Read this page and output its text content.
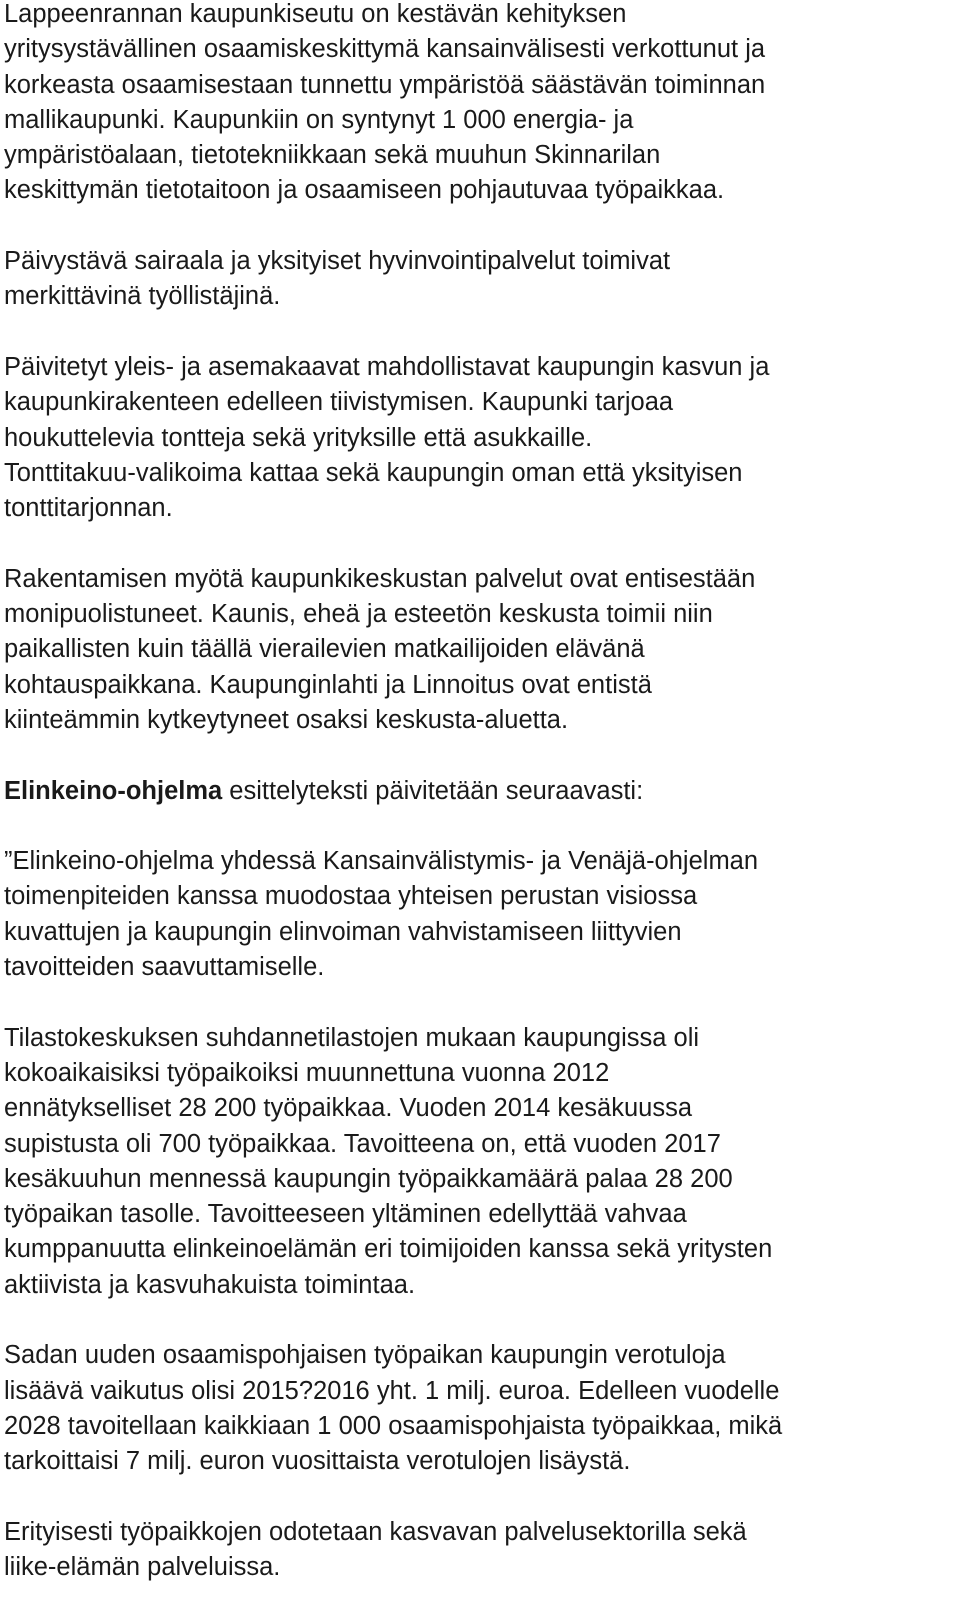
Lappeenrannan kaupunkiseutu on kestävän kehityksen
yritysystävällinen osaamiskeskittymä kansainvälisesti verkottunut ja
korkeasta osaamisestaan tunnettu ympäristöä säästävän toiminnan
mallikaupunki. Kaupunkiin on syntynyt 1 000 energia- ja
ympäristöalaan, tietotekniikkaan sekä muuhun Skinnarilan
keskittymän tietotaitoon ja osaamiseen pohjautuvaa työpaikkaa.
Päivystävä sairaala ja yksityiset hyvinvointipalvelut toimivat
merkittävinä työllistäjinä.
Päivitetyt yleis- ja asemakaavat mahdollistavat kaupungin kasvun ja
kaupunkirakenteen edelleen tiivistymisen. Kaupunki tarjoaa
houkuttelevia tontteja sekä yrityksille että asukkaille.
Tonttitakuu-valikoima kattaa sekä kaupungin oman että yksityisen
tonttitarjonnan.
Rakentamisen myötä kaupunkikeskustan palvelut ovat entisestään
monipuolistuneet. Kaunis, eheä ja esteetön keskusta toimii niin
paikallisten kuin täällä vierailevien matkailijoiden elävänä
kohtauspaikkana. Kaupunginlahti ja Linnoitus ovat entistä
kiinteämmin kytkeytyneet osaksi keskusta-aluetta.
Elinkeino-ohjelma esittelyteksti päivitetään seuraavasti:
”Elinkeino-ohjelma yhdessä Kansainvälistymis- ja Venäjä-ohjelman
toimenpiteiden kanssa muodostaa yhteisen perustan visiossa
kuvattujen ja kaupungin elinvoiman vahvistamiseen liittyvien
tavoitteiden saavuttamiselle.
Tilastokeskuksen suhdannetilastojen mukaan kaupungissa oli
kokoaikaisiksi työpaikoiksi muunnettuna vuonna 2012
ennätykselliset 28 200 työpaikkaa. Vuoden 2014 kesäkuussa
supistusta oli 700 työpaikkaa. Tavoitteena on, että vuoden 2017
kesäkuuhun mennessä kaupungin työpaikkamäärä palaa 28 200
työpaikan tasolle. Tavoitteeseen yltäminen edellyttää vahvaa
kumppanuutta elinkeinoelämän eri toimijoiden kanssa sekä yritysten
aktiivista ja kasvuhakuista toimintaa.
Sadan uuden osaamispohjaisen työpaikan kaupungin verotuloja
lisäävä vaikutus olisi 2015?2016 yht. 1 milj. euroa. Edelleen vuodelle
2028 tavoitellaan kaikkiaan 1 000 osaamispohjaista työpaikkaa, mikä
tarkoittaisi 7 milj. euron vuosittaista verotulojen lisäystä.
Erityisesti työpaikkojen odotetaan kasvavan palvelusektorilla sekä
liike-elämän palveluissa.
